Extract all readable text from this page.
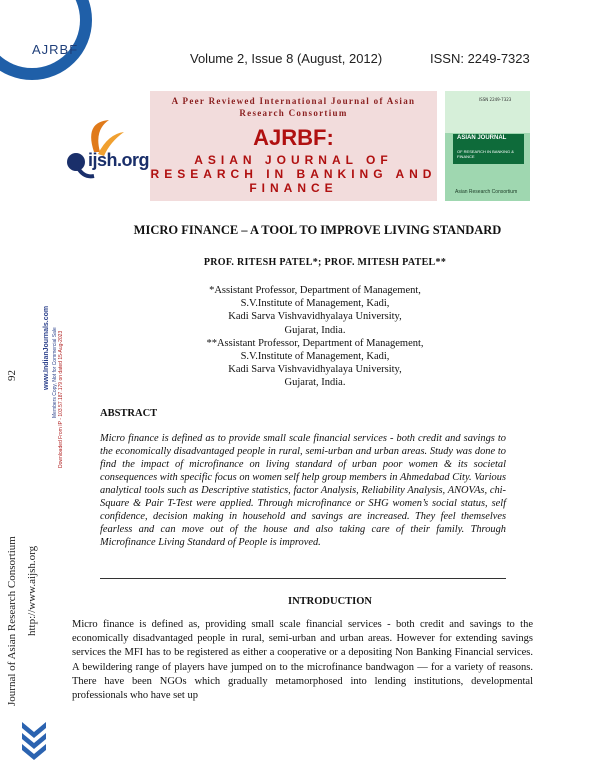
AJRBF
Volume 2, Issue 8 (August, 2012)	ISSN: 2249-7323
ijsh.org
A Peer Reviewed International Journal of Asian Research Consortium
AJRBF:
ASIAN JOURNAL OF RESEARCH IN BANKING AND FINANCE
ISSN 2249-7323
ASIAN JOURNAL
OF RESEARCH IN BANKING & FINANCE
Asian Research Consortium
Journal of Asian Research Consortium http://www.aijsh.org
92	www.IndianJournals.com Members Copy, Not for Commercial Sale Downloaded From IP - 103.57.187.179 on dated 15-Aug-2023
MICRO FINANCE – A TOOL TO IMPROVE LIVING STANDARD
PROF. RITESH PATEL*; PROF. MITESH PATEL**
*Assistant Professor, Department of Management,
S.V.Institute of Management, Kadi,
Kadi Sarva Vishvavidhyalaya University,
Gujarat, India.
**Assistant Professor, Department of Management,
S.V.Institute of Management, Kadi,
Kadi Sarva Vishvavidhyalaya University,
Gujarat, India.
ABSTRACT
Micro finance is defined as to provide small scale financial services - both credit and savings to the economically disadvantaged people in rural, semi-urban and urban areas. Study was done to find the impact of microfinance on living standard of urban poor women & its societal consequences with specific focus on women self help group members in Ahmedabad City. Various analytical tools such as Descriptive statistics, factor Analysis, Reliability Analysis, ANOVAs, chi-Square & Pair T-Test were applied. Through microfinance or SHG women’s social status, self confidence, decision making in household and savings are increased. They feel themselves fearless and can move out of the house and also taking care of their family. Through Microfinance Living Standard of People is improved.
INTRODUCTION
Micro finance is defined as, providing small scale financial services - both credit and savings to the economically disadvantaged people in rural, semi-urban and urban areas. However for extending savings services the MFI has to be registered as either a cooperative or a depositing Non Banking Financial services. A bewildering range of players have jumped on to the microfinance bandwagon — for a variety of reasons. There have been NGOs which gradually metamorphosed into lending institutions, developmental professionals who have set up
